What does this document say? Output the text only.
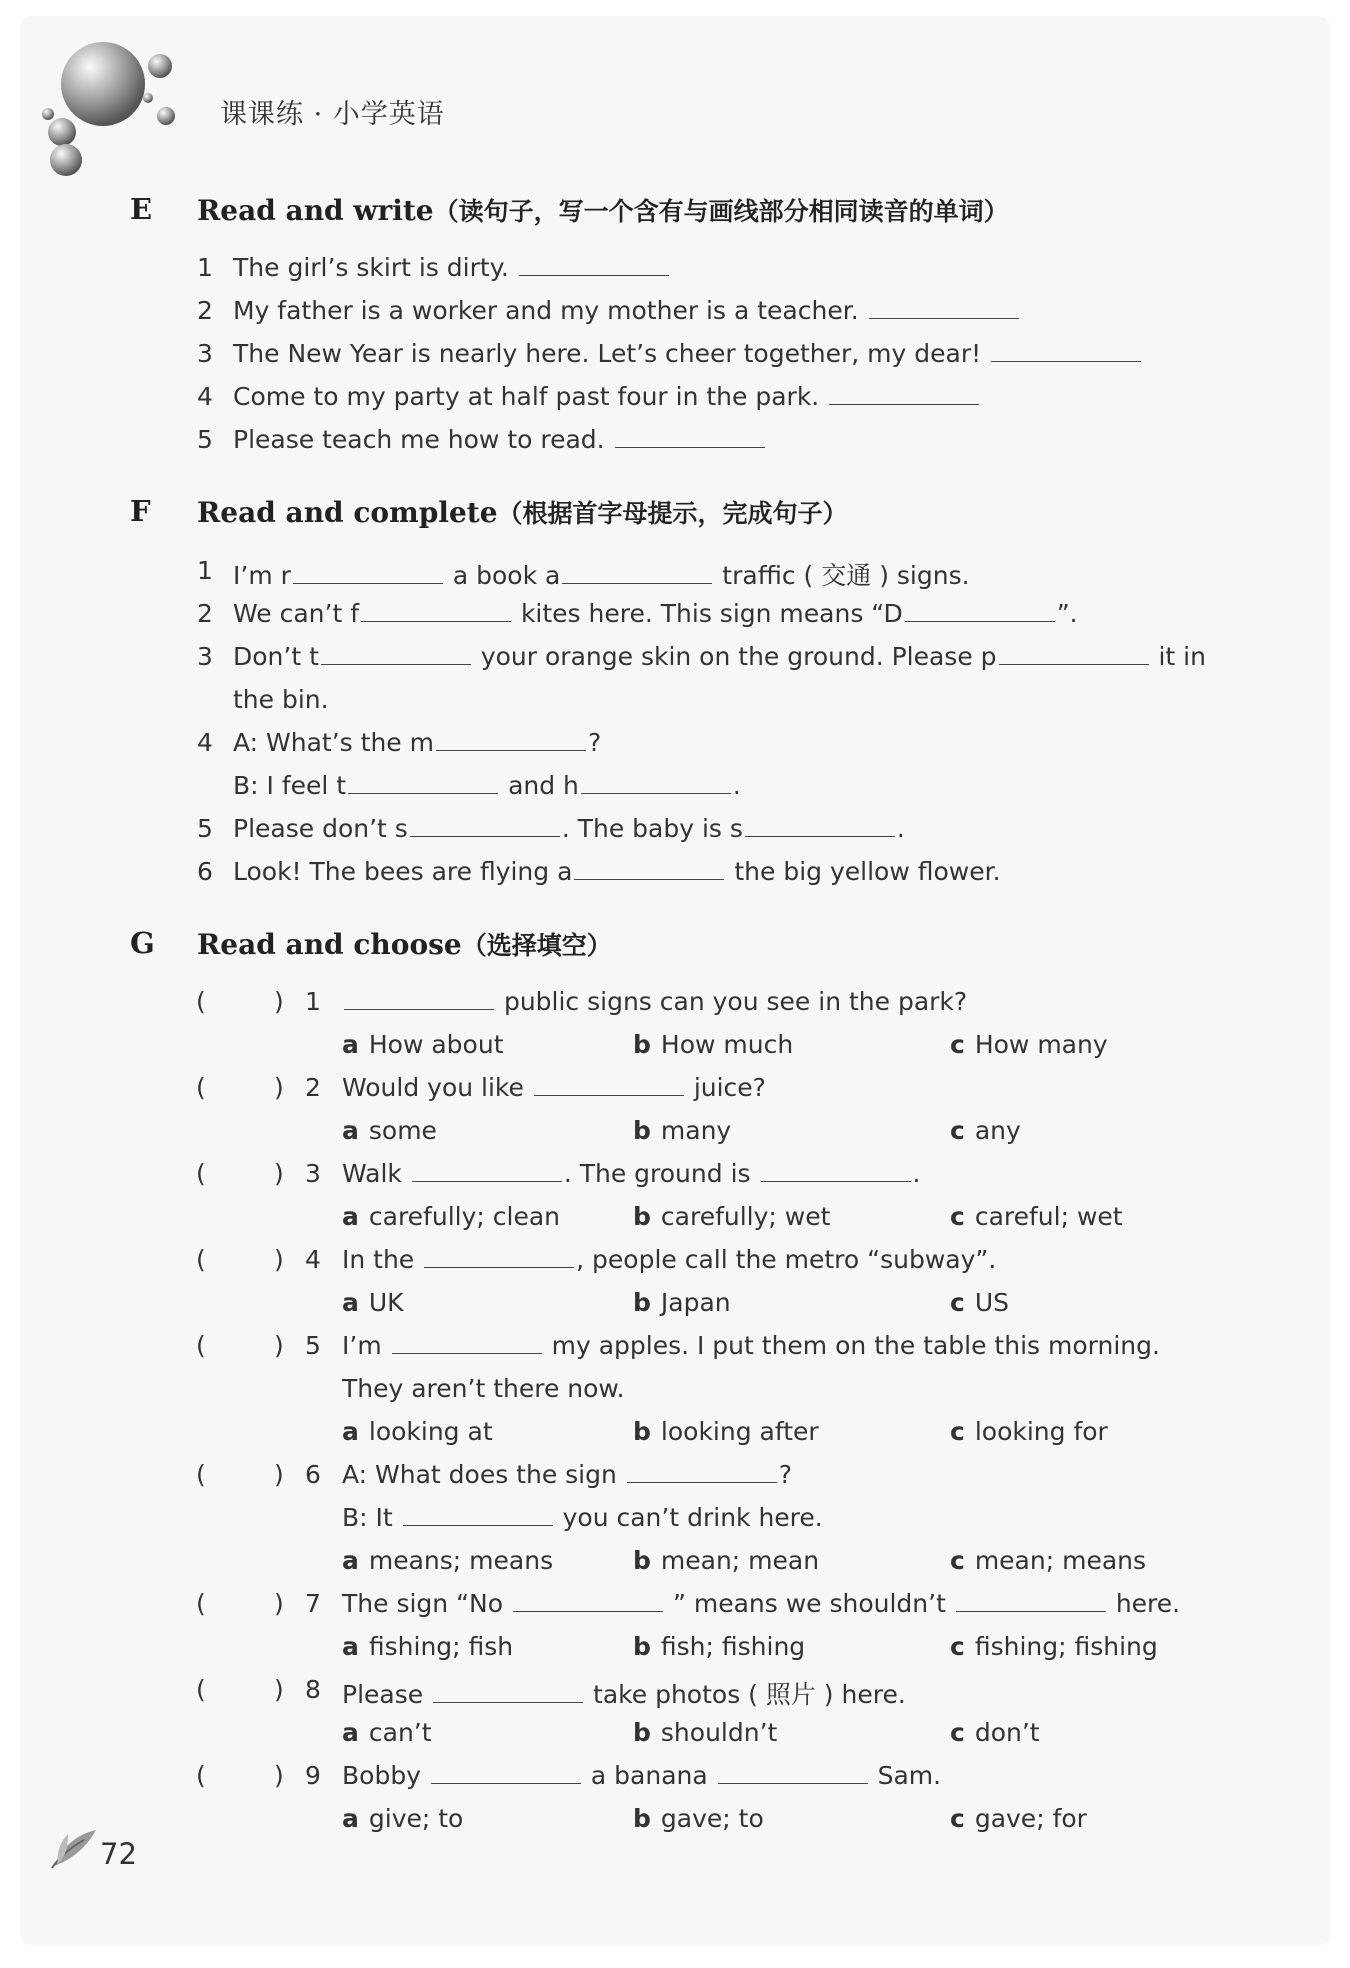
课课练 · 小学英语
E Read and write（读句子，写一个含有与画线部分相同读音的单词）
1 The girl’s skirt is dirty.
2 My father is a worker and my mother is a teacher.
3 The New Year is nearly here. Let’s cheer together, my dear!
4 Come to my party at half past four in the park.
5 Please teach me how to read.
F Read and complete（根据首字母提示，完成句子）
1 I’m r	a book a	traffic ( 交通 ) signs.
2 We can’t f	kites here. This sign means “D	”.
3 Don’t t	your orange skin on the ground. Please p	it in
the bin.
4 A: What’s the m	?
B: I feel t	and h	.
5 Please don’t s	. The baby is s	.
6 Look! The bees are flying a	the big yellow flower.
G Read and choose（选择填空）
(	) 1	public signs can you see in the park?
a How about	b How much	c How many
(	) 2 Would you like	juice?
a some	b many	c any
(	) 3 Walk	. The ground is	.
a carefully; clean	b carefully; wet	c careful; wet
(	) 4 In the	, people call the metro “subway”.
a UK	b Japan	c US
(	) 5 I’m	my apples. I put them on the table this morning.
They aren’t there now.
a looking at	b looking after	c looking for
(	) 6 A: What does the sign	?
B: It	you can’t drink here.
a means; means	b mean; mean	c mean; means
(	) 7 The sign “No	” means we shouldn’t	here.
a fishing; fish	b fish; fishing	c fishing; fishing
(	) 8 Please	take photos ( 照片 ) here.
a can’t	b shouldn’t	c don’t
(	) 9 Bobby	a banana	Sam.
a give; to	b gave; to	c gave; for
72
